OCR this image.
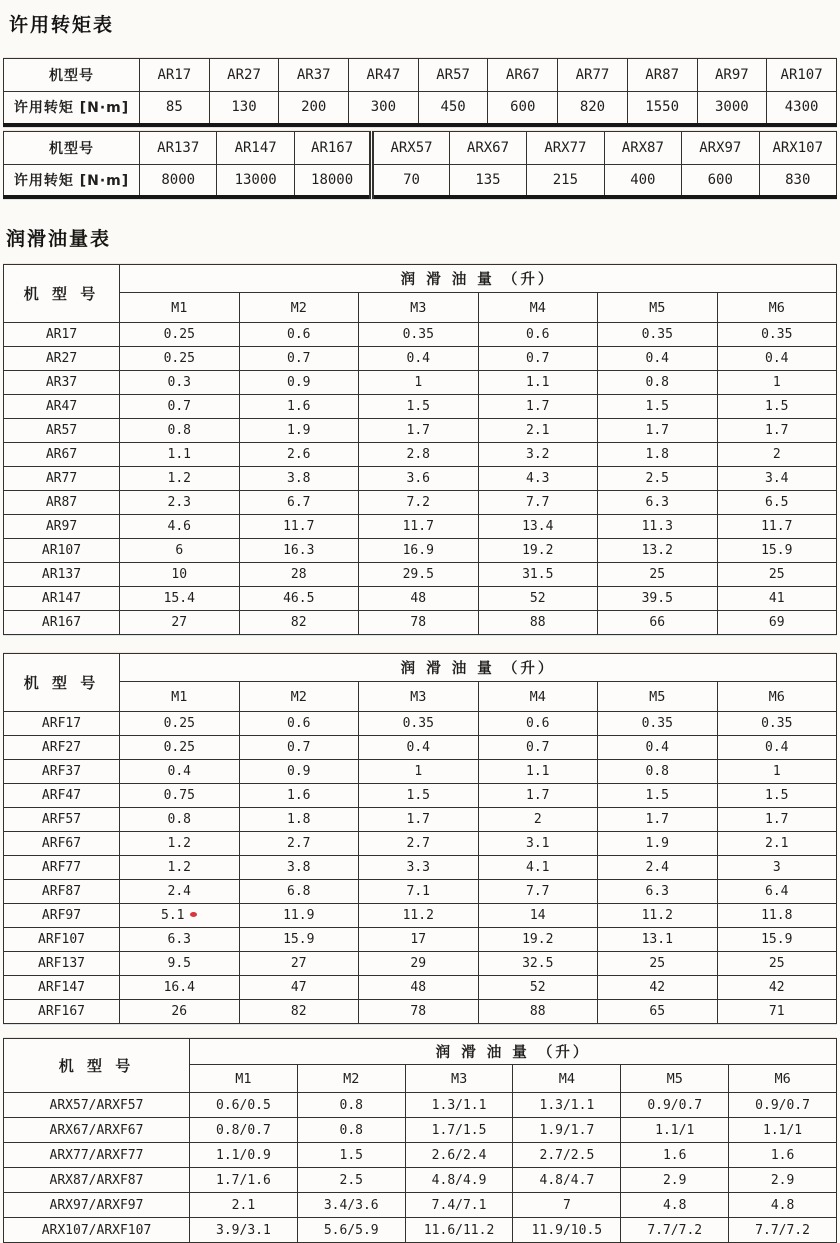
许用转矩表
机型号	AR17	AR27	AR37	AR47	AR57	AR67	AR77	AR87	AR97	AR107
许用转矩 [N·m]	85	130	200	300	450	600	820	1550	3000	4300
机型号	AR137	AR147	AR167	ARX57	ARX67	ARX77	ARX87	ARX97	ARX107
许用转矩 [N·m]	8000	13000	18000	70	135	215	400	600	830
润滑油量表
机 型 号	润 滑 油 量 （升）					
	M1	M2	M3	M4	M5	M6
AR17	0.25	0.6	0.35	0.6	0.35	0.35
AR27	0.25	0.7	0.4	0.7	0.4	0.4
AR37	0.3	0.9	1	1.1	0.8	1
AR47	0.7	1.6	1.5	1.7	1.5	1.5
AR57	0.8	1.9	1.7	2.1	1.7	1.7
AR67	1.1	2.6	2.8	3.2	1.8	2
AR77	1.2	3.8	3.6	4.3	2.5	3.4
AR87	2.3	6.7	7.2	7.7	6.3	6.5
AR97	4.6	11.7	11.7	13.4	11.3	11.7
AR107	6	16.3	16.9	19.2	13.2	15.9
AR137	10	28	29.5	31.5	25	25
AR147	15.4	46.5	48	52	39.5	41
AR167	27	82	78	88	66	69
机 型 号	润 滑 油 量 （升）					
	M1	M2	M3	M4	M5	M6
ARF17	0.25	0.6	0.35	0.6	0.35	0.35
ARF27	0.25	0.7	0.4	0.7	0.4	0.4
ARF37	0.4	0.9	1	1.1	0.8	1
ARF47	0.75	1.6	1.5	1.7	1.5	1.5
ARF57	0.8	1.8	1.7	2	1.7	1.7
ARF67	1.2	2.7	2.7	3.1	1.9	2.1
ARF77	1.2	3.8	3.3	4.1	2.4	3
ARF87	2.4	6.8	7.1	7.7	6.3	6.4
ARF97	5.1	11.9	11.2	14	11.2	11.8
ARF107	6.3	15.9	17	19.2	13.1	15.9
ARF137	9.5	27	29	32.5	25	25
ARF147	16.4	47	48	52	42	42
ARF167	26	82	78	88	65	71
机 型 号	润 滑 油 量 （升）					
	M1	M2	M3	M4	M5	M6
ARX57/ARXF57	0.6/0.5	0.8	1.3/1.1	1.3/1.1	0.9/0.7	0.9/0.7
ARX67/ARXF67	0.8/0.7	0.8	1.7/1.5	1.9/1.7	1.1/1	1.1/1
ARX77/ARXF77	1.1/0.9	1.5	2.6/2.4	2.7/2.5	1.6	1.6
ARX87/ARXF87	1.7/1.6	2.5	4.8/4.9	4.8/4.7	2.9	2.9
ARX97/ARXF97	2.1	3.4/3.6	7.4/7.1	7	4.8	4.8
ARX107/ARXF107	3.9/3.1	5.6/5.9	11.6/11.2	11.9/10.5	7.7/7.2	7.7/7.2
